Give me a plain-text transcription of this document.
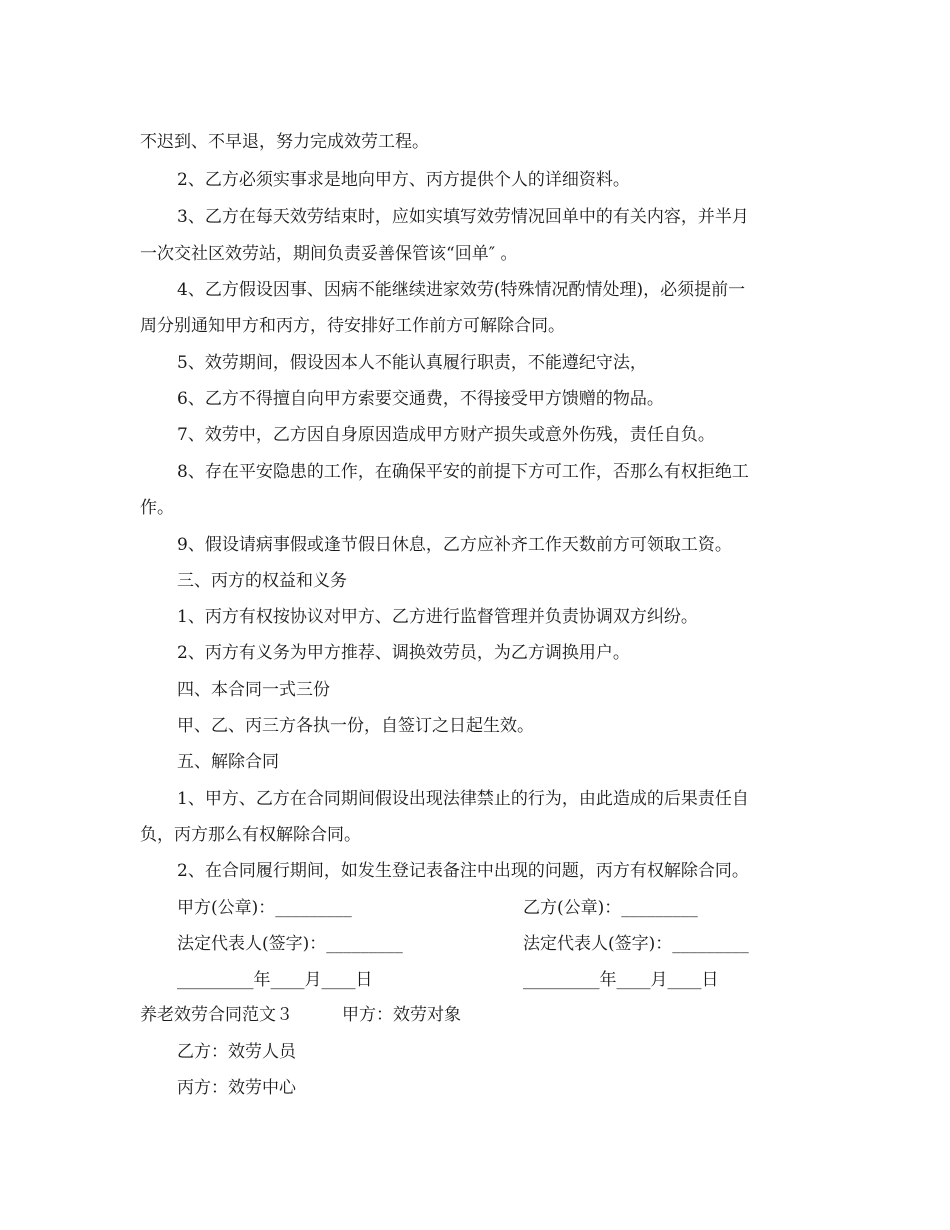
不迟到、不早退，努力完成效劳工程。

2、乙方必须实事求是地向甲方、丙方提供个人的详细资料。

3、乙方在每天效劳结束时，应如实填写效劳情况回单中的有关内容，并半月

一次交社区效劳站，期间负责妥善保管该“回单″ 。

4、乙方假设因事、因病不能继续进家效劳(特殊情况酌情处理)，必须提前一

周分别通知甲方和丙方，待安排好工作前方可解除合同。

5、效劳期间，假设因本人不能认真履行职责，不能遵纪守法，

6、乙方不得擅自向甲方索要交通费，不得接受甲方馈赠的物品。

7、效劳中，乙方因自身原因造成甲方财产损失或意外伤残，责任自负。

8、存在平安隐患的工作，在确保平安的前提下方可工作，否那么有权拒绝工

作。

9、假设请病事假或逢节假日休息，乙方应补齐工作天数前方可领取工资。

三、丙方的权益和义务

1、丙方有权按协议对甲方、乙方进行监督管理并负责协调双方纠纷。

2、丙方有义务为甲方推荐、调换效劳员，为乙方调换用户。

四、本合同一式三份

甲、乙、丙三方各执一份，自签订之日起生效。

五、解除合同

1、甲方、乙方在合同期间假设出现法律禁止的行为，由此造成的后果责任自

负，丙方那么有权解除合同。

2、在合同履行期间，如发生登记表备注中出现的问题，丙方有权解除合同。

甲方(公章)：_________	乙方(公章)：_________

法定代表人(签字)：_________	法定代表人(签字)：_________

_________年____月____日	_________年____月____日

养老效劳合同范文３	甲方：效劳对象

乙方：效劳人员

丙方：效劳中心
